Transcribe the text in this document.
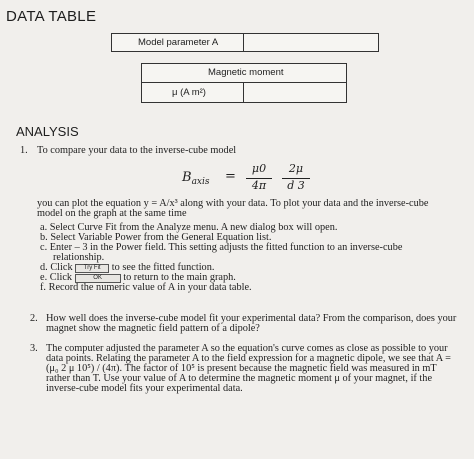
DATA TABLE
Model parameter A
Magnetic moment
μ (A m²)
ANALYSIS
1. To compare your data to the inverse-cube model
$B_{axis}$ =
μ0
4π
2μ
d 3
you can plot the equation y = A/x³ along with your data. To plot your data and the inverse-cube
model on the graph at the same time
a. Select Curve Fit from the Analyze menu. A new dialog box will open.
b. Select Variable Power from the General Equation list.
c. Enter – 3 in the Power field. This setting adjusts the fitted function to an inverse-cube
relationship.
d. Click Try Fit to see the fitted function.
e. Click	OK to return to the main graph.
f. Record the numeric value of A in your data table.
2. How well does the inverse-cube model fit your experimental data? From the comparison, does your
magnet show the magnetic field pattern of a dipole?
3. The computer adjusted the parameter A so the equation's curve comes as close as possible to your
data points. Relating the parameter A to the field expression for a magnetic dipole, we see that A =
(μ₀ 2 μ 10⁵) / (4π). The factor of 10⁵ is present because the magnetic field was measured in mT
rather than T. Use your value of A to determine the magnetic moment μ of your magnet, if the
inverse-cube model fits your experimental data.
